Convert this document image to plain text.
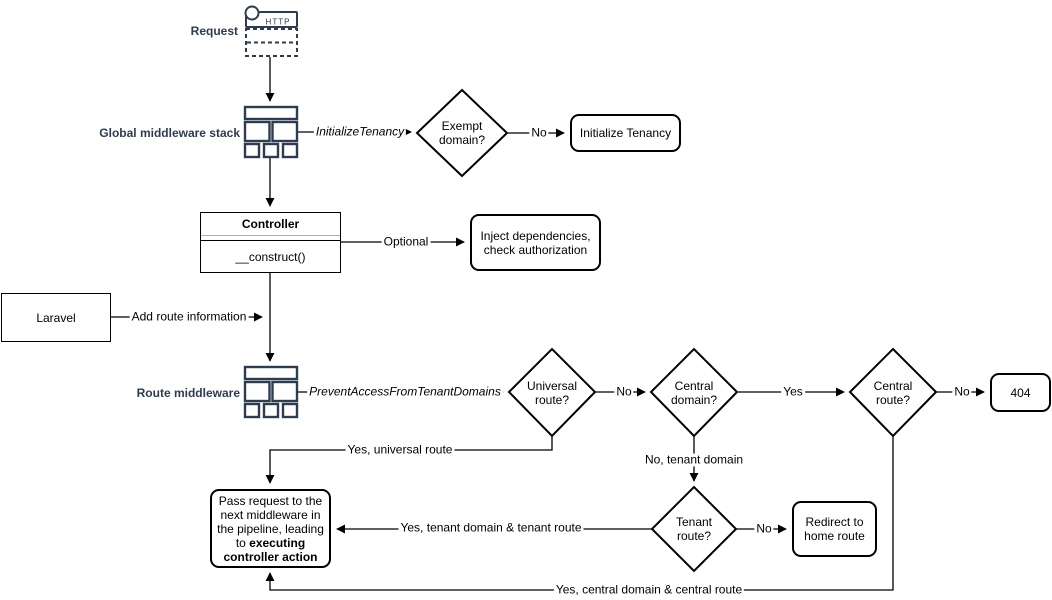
HTTP
Request
Global middleware stack
Route middleware
Exempt domain?
Universal route?
Central domain?
Central route?
Tenant route?
Initialize Tenancy
Inject dependencies, check authorization
404
Redirect to home route
Pass request to the next middleware in the pipeline, leading to executing controller action
Laravel
Controller
__construct()
InitializeTenancy	No
Optional
Add route information
PreventAccessFromTenantDomains	No	Yes	No
Yes, universal route
No, tenant domain
No
Yes, tenant domain & tenant route
Yes, central domain & central route
